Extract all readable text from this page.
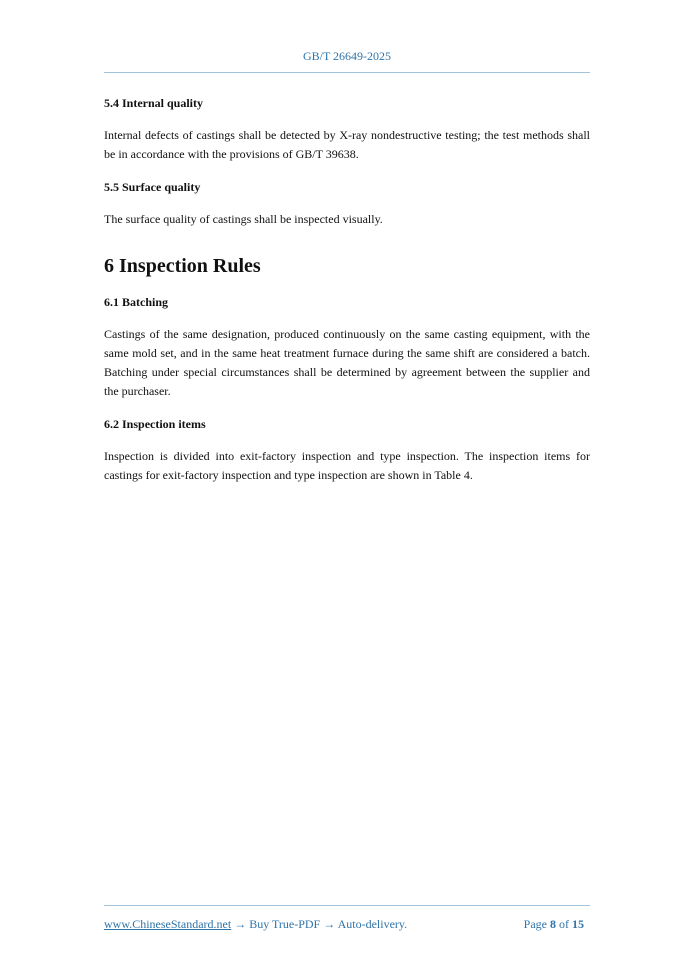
GB/T 26649-2025
5.4 Internal quality

Internal defects of castings shall be detected by X-ray nondestructive testing; the test methods shall be in accordance with the provisions of GB/T 39638.

5.5 Surface quality

The surface quality of castings shall be inspected visually.

6 Inspection Rules
6.1 Batching

Castings of the same designation, produced continuously on the same casting equipment, with the same mold set, and in the same heat treatment furnace during the same shift are considered a batch. Batching under special circumstances shall be determined by agreement between the supplier and the purchaser.

6.2 Inspection items

Inspection is divided into exit-factory inspection and type inspection. The inspection items for castings for exit-factory inspection and type inspection are shown in Table 4.

www.ChineseStandard.net → Buy True-PDF → Auto-delivery.	Page 8 of 15
